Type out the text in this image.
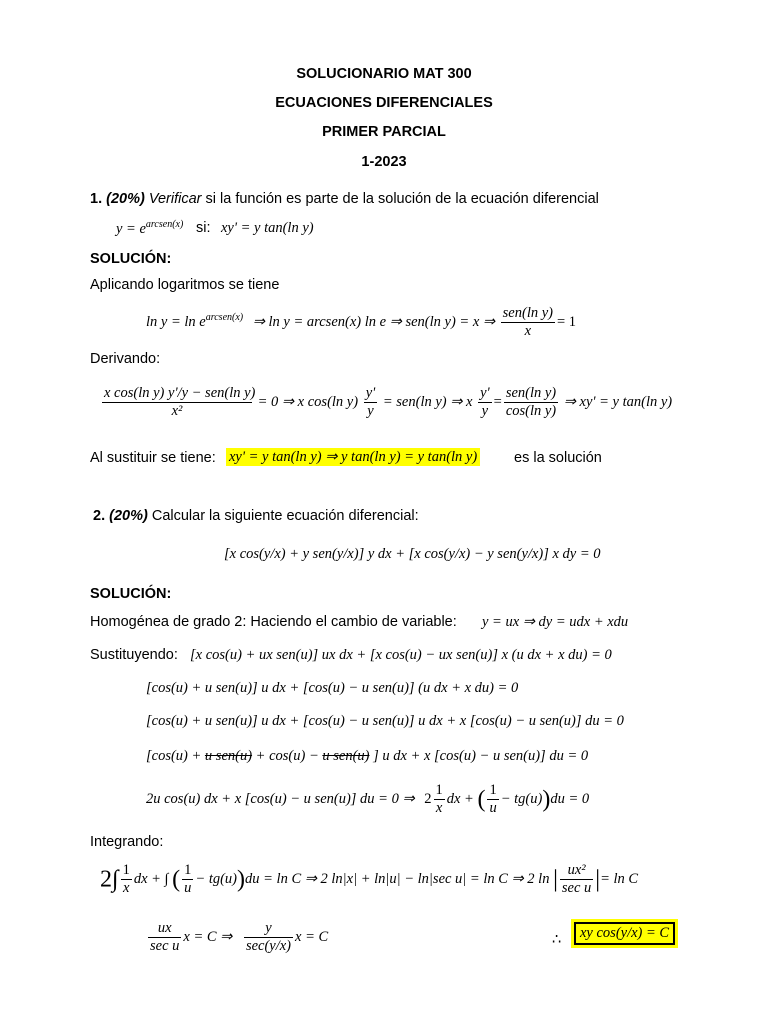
SOLUCIONARIO MAT 300
ECUACIONES DIFERENCIALES
PRIMER PARCIAL
1-2023
1. (20%) Verificar si la función es parte de la solución de la ecuación diferencial
$y = e^{arcsen(x)}$ si: xy' = y tan(ln y)
SOLUCIÓN:
Aplicando logaritmos se tiene
$\ln y = \ln e^{arcsen(x)}$ ⇒ ln y = arcsen(x) ln e ⇒ sen(ln y) = x ⇒ $\frac{\text{sen(ln y)}}{x} = 1$
Derivando:
$\frac{\text{x cos(ln y) y'/y − sen(ln y)}}{\text{x²}} = 0$ ⇒ x cos(ln $y) \frac{y'}{y} = sen(\ln$ y) ⇒ x $\frac{y'}{y} = \frac{\text{sen(ln y)}}{\text{cos(ln y)}}$ ⇒ xy' = y tan(ln y)
Al sustituir se tiene: xy' = y tan(ln y) ⇒ y tan(ln y) = y tan(ln y)	es la solución
2. (20%) Calcular la siguiente ecuación diferencial:
[x cos(y/x) + y sen(y/x)] y dx + [x cos(y/x) − y sen(y/x)] x dy = 0
SOLUCIÓN:
Homogénea de grado 2: Haciendo el cambio de variable: y = ux ⇒ dy = udx + xdu
Sustituyendo: [x cos(u) + ux sen(u)] ux dx + [x cos(u) − ux sen(u)] x (u dx + x du) = 0
[cos(u) + u sen(u)] u dx + [cos(u) − u sen(u)] (u dx + x du) = 0
[cos(u) + u sen(u)] u dx + [cos(u) − u sen(u)] u dx + x [cos(u) − u sen(u)] du = 0
[cos(u) + u sen(u) + cos(u) − u sen(u) ] u dx + x [cos(u) − u sen(u)] du = 0
2u cos(u) dx + x [cos(u) − u sen(u)] du = 0 ⇒ $2 \frac{1}{x}$ dx + ( $\frac{1}{u} - tg(u))du = 0$
Integrando:
$2\int \frac{1}{x}$ dx + ∫ ( $\frac{1}{u} - tg(u))du = \ln C$ ⇒ 2 ln|x| + ln|u| − ln|sec u| = ln C ⇒ 2 ln | $\frac{\text{ux²}}{\text{sec u}}$ |= ln C
$\frac{ux}{\text{sec u}}$ x = C ⇒ $\frac{y}{\sec(y/x)}$ x = C	∴	xy cos(y/x) = C
